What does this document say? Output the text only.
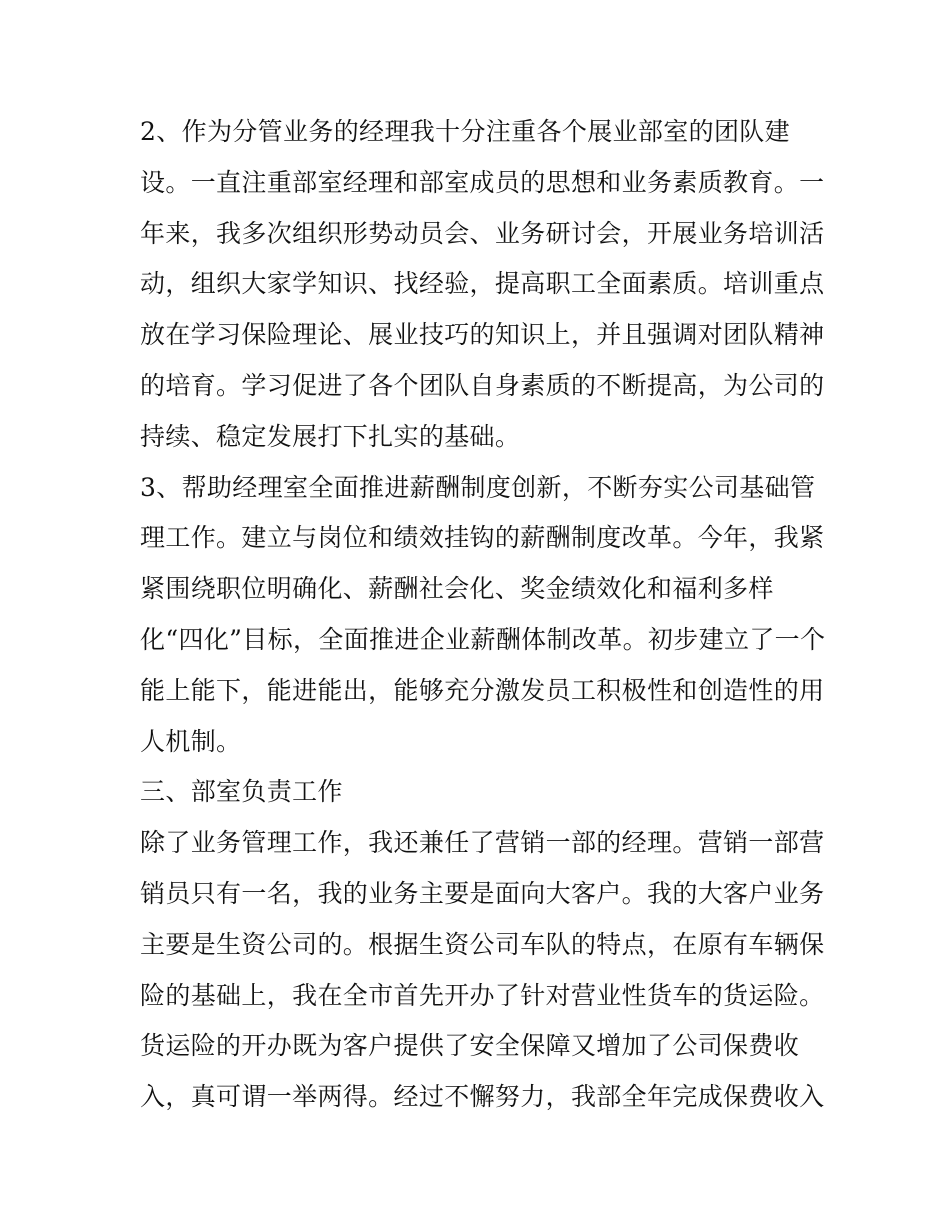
2、作为分管业务的经理我十分注重各个展业部室的团队建
设。一直注重部室经理和部室成员的思想和业务素质教育。一
年来，我多次组织形势动员会、业务研讨会，开展业务培训活
动，组织大家学知识、找经验，提高职工全面素质。培训重点
放在学习保险理论、展业技巧的知识上，并且强调对团队精神
的培育。学习促进了各个团队自身素质的不断提高，为公司的
持续、稳定发展打下扎实的基础。
3、帮助经理室全面推进薪酬制度创新，不断夯实公司基础管
理工作。建立与岗位和绩效挂钩的薪酬制度改革。今年，我紧
紧围绕职位明确化、薪酬社会化、奖金绩效化和福利多样
化“四化”目标，全面推进企业薪酬体制改革。初步建立了一个
能上能下，能进能出，能够充分激发员工积极性和创造性的用
人机制。
三、部室负责工作
除了业务管理工作，我还兼任了营销一部的经理。营销一部营
销员只有一名，我的业务主要是面向大客户。我的大客户业务
主要是生资公司的。根据生资公司车队的特点，在原有车辆保
险的基础上，我在全市首先开办了针对营业性货车的货运险。
货运险的开办既为客户提供了安全保障又增加了公司保费收
入，真可谓一举两得。经过不懈努力，我部全年完成保费收入
